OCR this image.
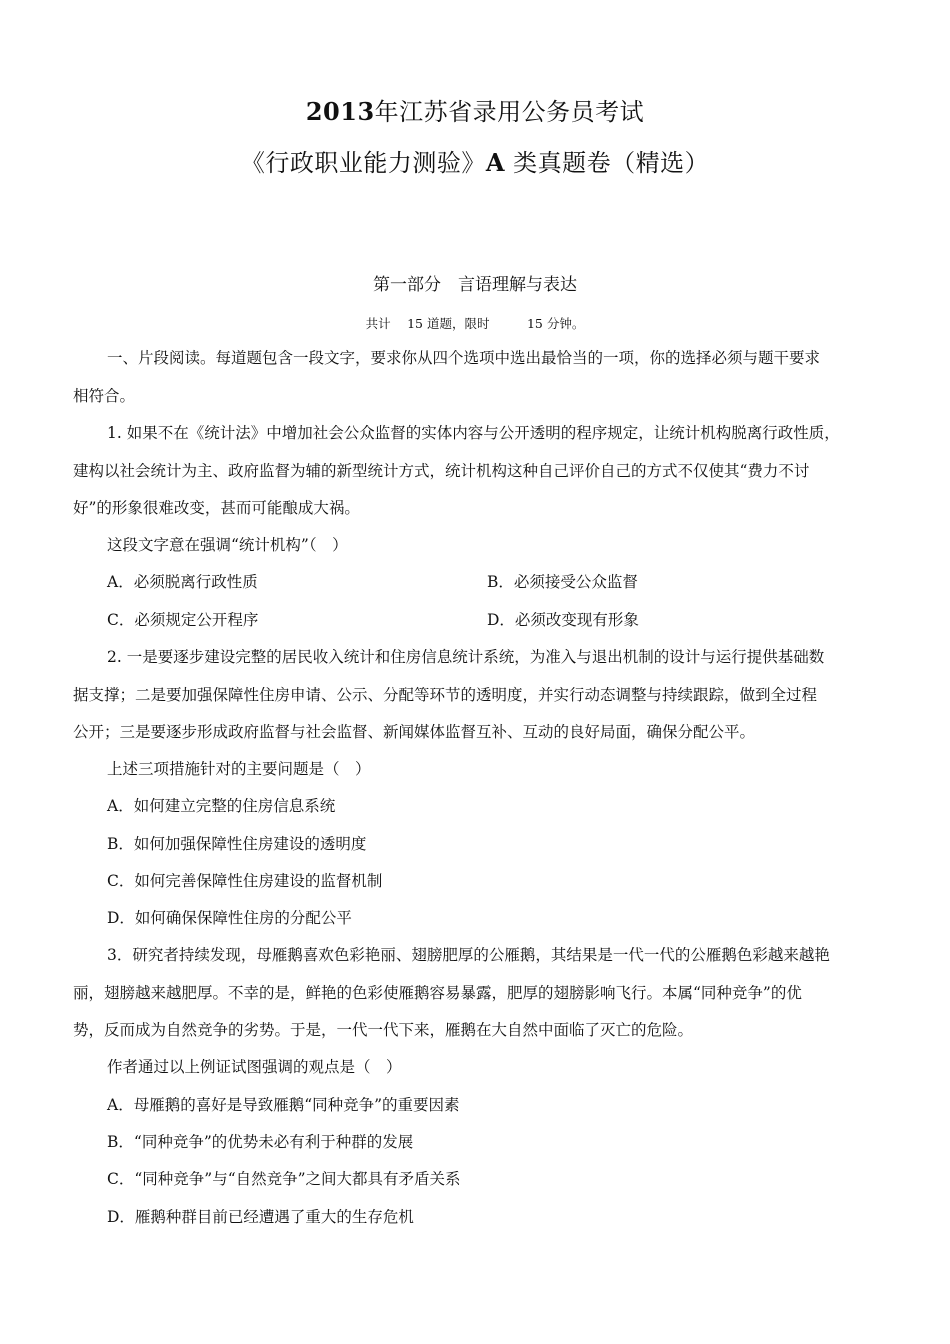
2013年江苏省录用公务员考试
《行政职业能力测验》A 类真题卷（精选）
第一部分　言语理解与表达
共计　 15 道题，限时　　　15 分钟。
一、片段阅读。每道题包含一段文字，要求你从四个选项中选出最恰当的一项，你的选择必须与题干要求
相符合。
1. 如果不在《统计法》中增加社会公众监督的实体内容与公开透明的程序规定，让统计机构脱离行政性质，
建构以社会统计为主、政府监督为辅的新型统计方式，统计机构这种自己评价自己的方式不仅使其“费力不讨
好”的形象很难改变，甚而可能酿成大祸。
这段文字意在强调“统计机构”（　）
A．必须脱离行政性质	B．必须接受公众监督
C．必须规定公开程序	D．必须改变现有形象
2. 一是要逐步建设完整的居民收入统计和住房信息统计系统，为准入与退出机制的设计与运行提供基础数
据支撑；二是要加强保障性住房申请、公示、分配等环节的透明度，并实行动态调整与持续跟踪，做到全过程
公开；三是要逐步形成政府监督与社会监督、新闻媒体监督互补、互动的良好局面，确保分配公平。
上述三项措施针对的主要问题是（　）
A．如何建立完整的住房信息系统
B．如何加强保障性住房建设的透明度
C．如何完善保障性住房建设的监督机制
D．如何确保保障性住房的分配公平
3．研究者持续发现，母雁鹅喜欢色彩艳丽、翅膀肥厚的公雁鹅，其结果是一代一代的公雁鹅色彩越来越艳
丽，翅膀越来越肥厚。不幸的是，鲜艳的色彩使雁鹅容易暴露，肥厚的翅膀影响飞行。本属“同种竞争”的优
势，反而成为自然竞争的劣势。于是，一代一代下来，雁鹅在大自然中面临了灭亡的危险。
作者通过以上例证试图强调的观点是（　）
A．母雁鹅的喜好是导致雁鹅“同种竞争”的重要因素
B．“同种竞争”的优势未必有利于种群的发展
C．“同种竞争”与“自然竞争”之间大都具有矛盾关系
D．雁鹅种群目前已经遭遇了重大的生存危机
